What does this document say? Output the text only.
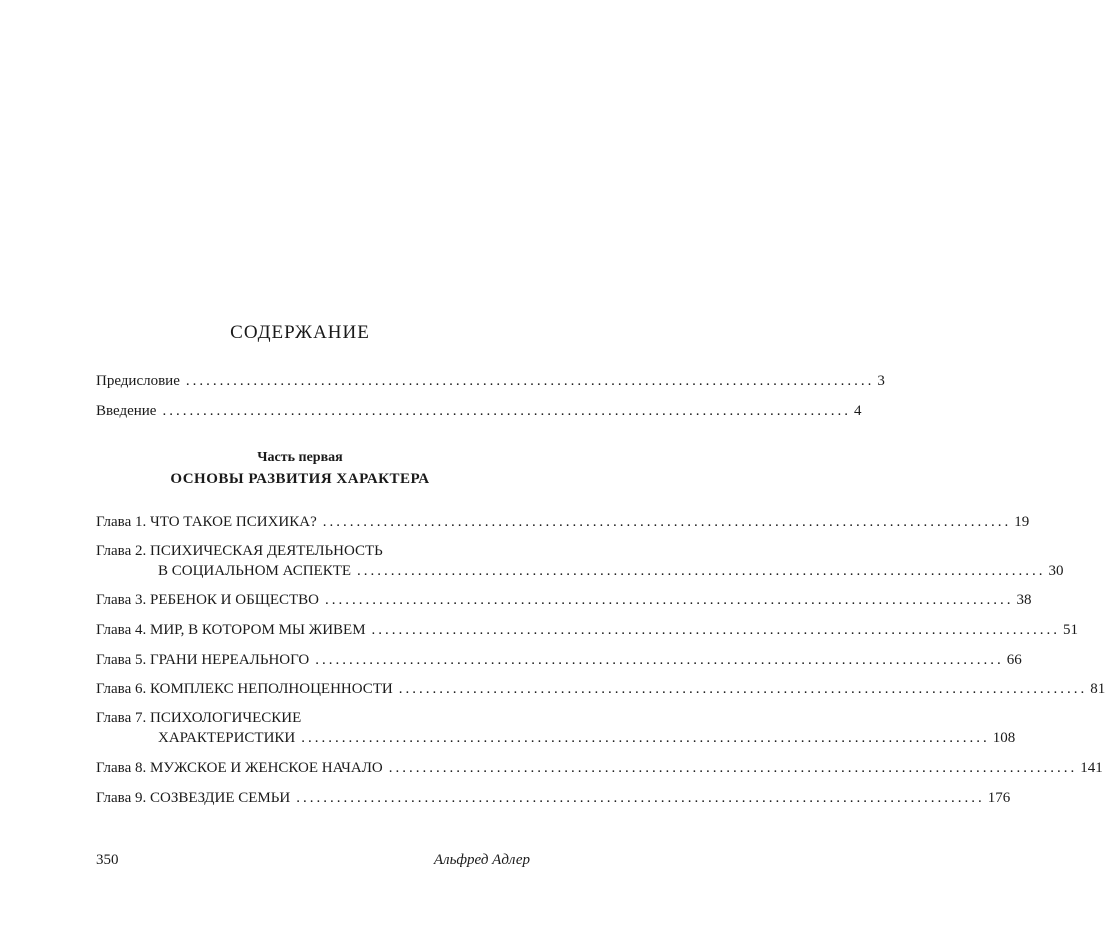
СОДЕРЖАНИЕ
Предисловие ...................................................................................................... 3
Введение ...................................................................................................... 4
Часть первая
ОСНОВЫ РАЗВИТИЯ ХАРАКТЕРА
Глава 1.
ЧТО ТАКОЕ ПСИХИКА? ...................................................................................................... 19
Глава 2. ПСИХИЧЕСКАЯ ДЕЯТЕЛЬНОСТЬ
В СОЦИАЛЬНОМ АСПЕКТЕ ...................................................................................................... 30
Глава 3.
РЕБЕНОК И ОБЩЕСТВО ...................................................................................................... 38
Глава 4.
МИР, В КОТОРОМ МЫ ЖИВЕМ ...................................................................................................... 51
Глава 5.
ГРАНИ НЕРЕАЛЬНОГО ...................................................................................................... 66
Глава 6.
КОМПЛЕКС НЕПОЛНОЦЕННОСТИ ...................................................................................................... 81
Глава 7. ПСИХОЛОГИЧЕСКИЕ
ХАРАКТЕРИСТИКИ ...................................................................................................... 108
Глава 8.
МУЖСКОЕ И ЖЕНСКОЕ НАЧАЛО ...................................................................................................... 141
Глава 9.
СОЗВЕЗДИЕ СЕМЬИ ...................................................................................................... 176
350	Альфред Адлер
